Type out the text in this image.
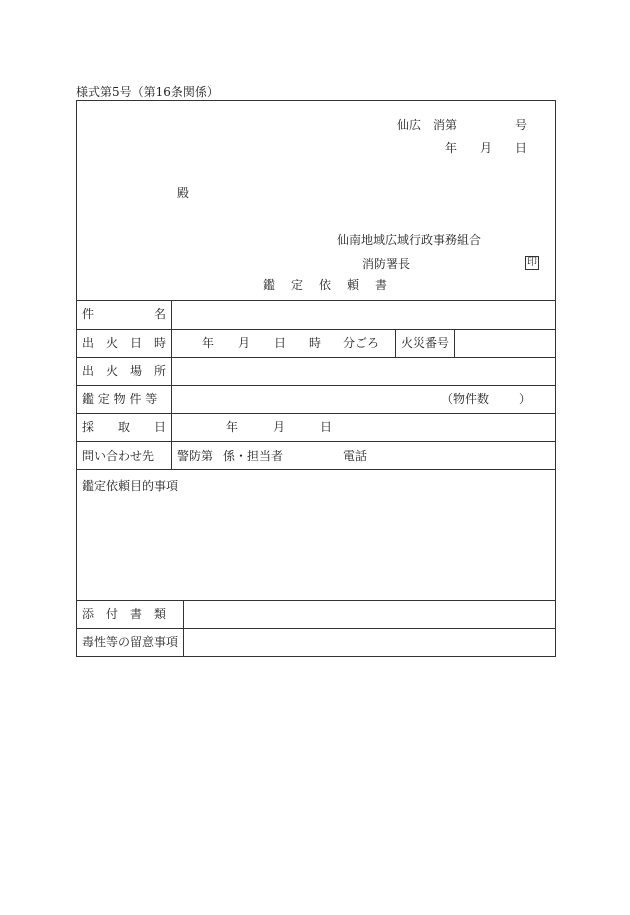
様式第5号（第16条関係）
仙広 消第	号
年 月 日
殿
仙南地域広域行政事務組合
消防署長	印
鑑　定　依　頼　書
件　　　　　名
出　火　日　時	年 月 日 時 分ごろ 火災番号
出　火　場　所
鑑 定 物 件 等	（物件数 ）
採　　取　　日	年	月	日
問い合わせ先 警防第 係・担当者	電話
鑑定依頼目的事項
添　付　書　類
毒性等の留意事項
